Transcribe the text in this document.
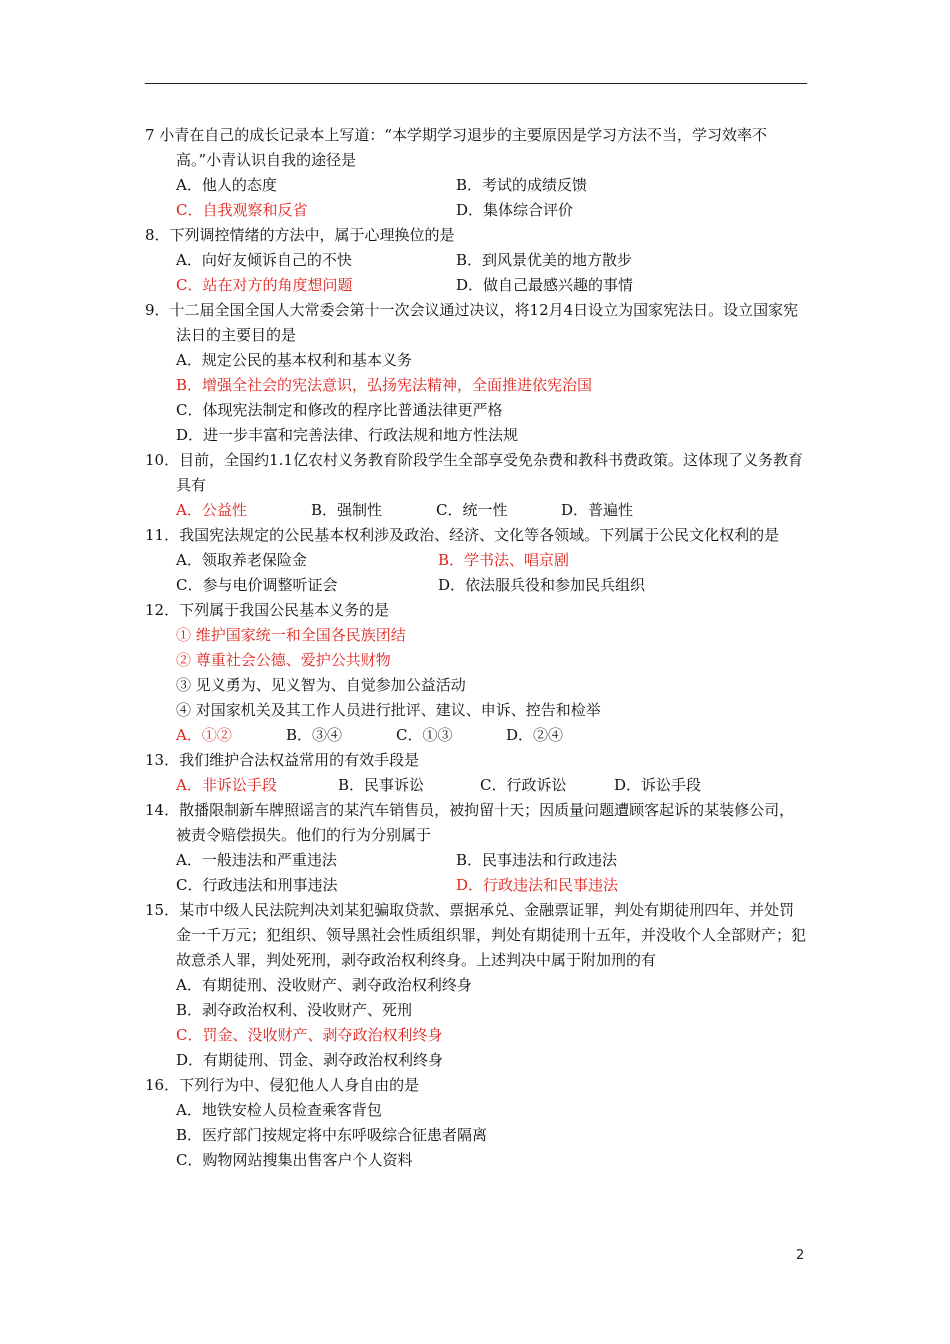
7 小青在自己的成长记录本上写道：“本学期学习退步的主要原因是学习方法不当，学习效率不高。”小青认识自我的途径是
A．他人的态度	B．考试的成绩反馈
C．自我观察和反省	D．集体综合评价
8．下列调控情绪的方法中，属于心理换位的是
A．向好友倾诉自己的不快	B．到风景优美的地方散步
C．站在对方的角度想问题	D．做自己最感兴趣的事情
9．十二届全国全国人大常委会第十一次会议通过决议，将12月4日设立为国家宪法日。设立国家宪法日的主要目的是
A．规定公民的基本权利和基本义务
B．增强全社会的宪法意识，弘扬宪法精神，全面推进依宪治国
C．体现宪法制定和修改的程序比普通法律更严格
D．进一步丰富和完善法律、行政法规和地方性法规
10．目前，全国约1.1亿农村义务教育阶段学生全部享受免杂费和教科书费政策。这体现了义务教育具有
A．公益性	B．强制性	C．统一性	D．普遍性
11．我国宪法规定的公民基本权利涉及政治、经济、文化等各领域。下列属于公民文化权利的是
A．领取养老保险金	B．学书法、唱京剧
C．参与电价调整听证会	D．依法服兵役和参加民兵组织
12．下列属于我国公民基本义务的是
① 维护国家统一和全国各民族团结
② 尊重社会公德、爱护公共财物
③ 见义勇为、见义智为、自觉参加公益活动
④ 对国家机关及其工作人员进行批评、建议、申诉、控告和检举
A．①②	B．③④	C．①③	D．②④
13．我们维护合法权益常用的有效手段是
A．非诉讼手段	B．民事诉讼	C．行政诉讼	D．诉讼手段
14．散播限制新车牌照谣言的某汽车销售员，被拘留十天；因质量问题遭顾客起诉的某装修公司，被责令赔偿损失。他们的行为分别属于
A．一般违法和严重违法	B．民事违法和行政违法
C．行政违法和刑事违法	D．行政违法和民事违法
15．某市中级人民法院判决刘某犯骗取贷款、票据承兑、金融票证罪，判处有期徒刑四年、并处罚金一千万元；犯组织、领导黑社会性质组织罪，判处有期徒刑十五年，并没收个人全部财产；犯故意杀人罪，判处死刑，剥夺政治权利终身。上述判决中属于附加刑的有
A．有期徒刑、没收财产、剥夺政治权利终身
B．剥夺政治权利、没收财产、死刑
C．罚金、没收财产、剥夺政治权利终身
D．有期徒刑、罚金、剥夺政治权利终身
16．下列行为中、侵犯他人人身自由的是
A．地铁安检人员检查乘客背包
B．医疗部门按规定将中东呼吸综合征患者隔离
C．购物网站搜集出售客户个人资料
2
